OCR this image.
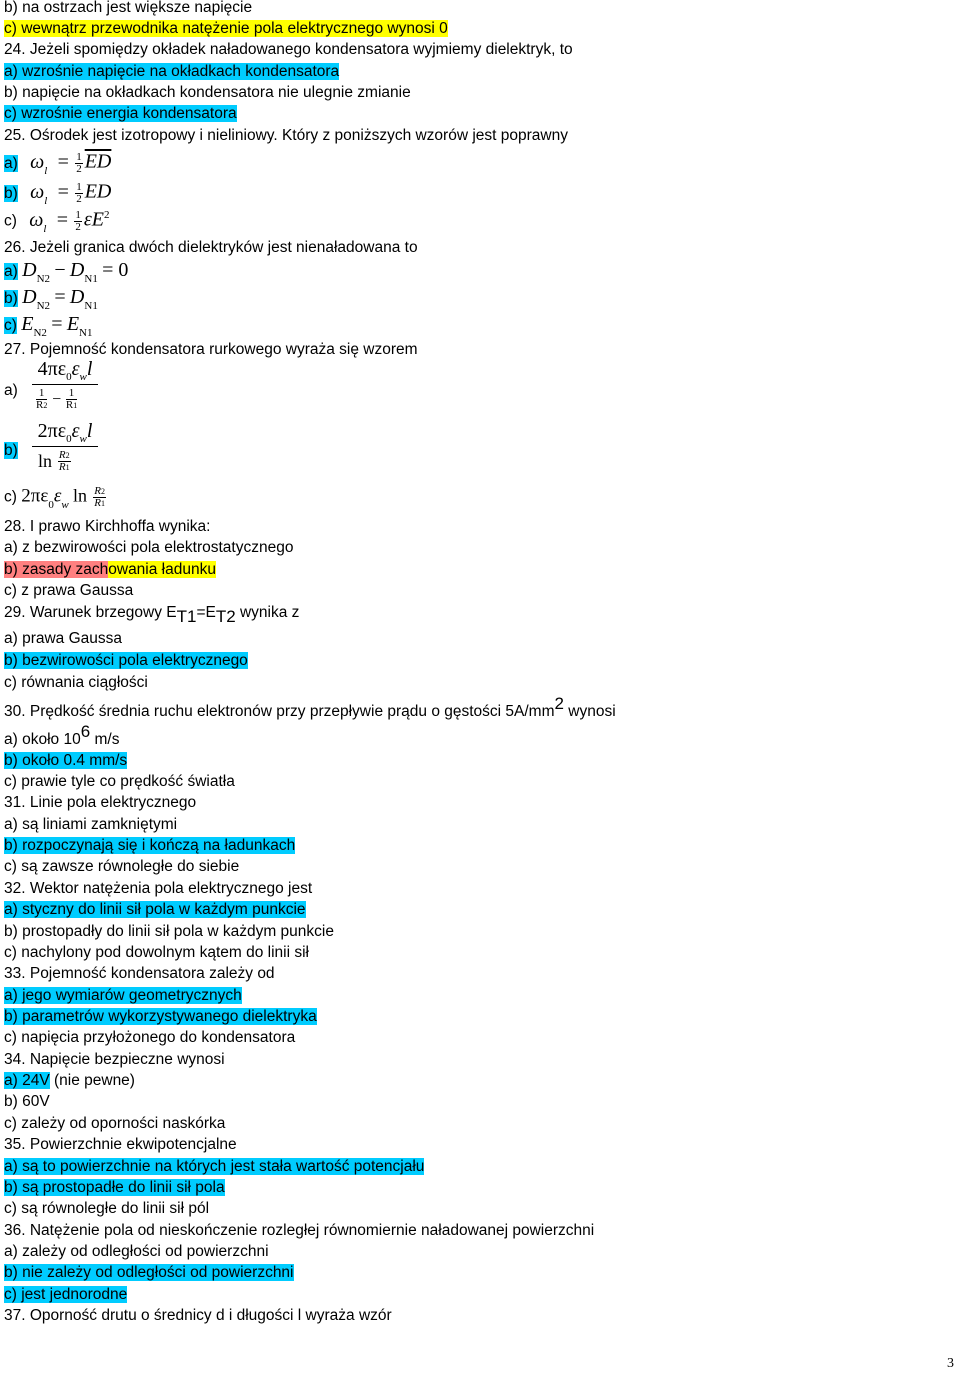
b) na ostrzach jest większe napięcie
c) wewnątrz przewodnika natężenie pola elektrycznego wynosi 0
24. Jeżeli spomiędzy okładek naładowanego kondensatora wyjmiemy dielektryk, to
a) wzrośnie napięcie na okładkach kondensatora
b) napięcie na okładkach kondensatora nie ulegnie zmianie
c) wzrośnie energia kondensatora
25. Ośrodek jest izotropowy i nieliniowy. Który z poniższych wzorów jest poprawny
a) $\omega_l = \frac{1}{2} \overline{ED}$
b) $\omega_l = \frac{1}{2}$ ED
c) $\omega_l = \frac{1}{2} \varepsilon E^2$
26. Jeżeli granica dwóch dielektryków jest nienaładowana to
a) $D_{N2} - D_{N1} = 0$
b) $D_{N2} = D_{N1}$
c) $E_{N2} = E_{N1}$
27. Pojemność kondensatora rurkowego wyraża się wzorem
a)
$4\pi\varepsilon_0\varepsilon_wl$
$\frac{1}{R2} - \frac{1}{R1}$
b)
$2\pi\varepsilon_0\varepsilon_wl$
$\ln \frac{R2}{R1}$
c) $2\pi\varepsilon_0\varepsilon_w$ $\ln \frac{R2}{R1}$
28. I prawo Kirchhoffa wynika:
a) z bezwirowości pola elektrostatycznego
b) zasady zachowania ładunku
c) z prawa Gaussa
29. Warunek brzegowy ET1=ET2 wynika z
a) prawa Gaussa
b) bezwirowości pola elektrycznego
c) równania ciągłości
30. Prędkość średnia ruchu elektronów przy przepływie prądu o gęstości 5A/mm2 wynosi
a) około 106 m/s
b) około 0.4 mm/s
c) prawie tyle co prędkość światła
31. Linie pola elektrycznego
a) są liniami zamkniętymi
b) rozpoczynają się i kończą na ładunkach
c) są zawsze równoległe do siebie
32. Wektor natężenia pola elektrycznego jest
a) styczny do linii sił pola w każdym punkcie
b) prostopadły do linii sił pola w każdym punkcie
c) nachylony pod dowolnym kątem do linii sił
33. Pojemność kondensatora zależy od
a) jego wymiarów geometrycznych
b) parametrów wykorzystywanego dielektryka
c) napięcia przyłożonego do kondensatora
34. Napięcie bezpieczne wynosi
a) 24V (nie pewne)
b) 60V
c) zależy od oporności naskórka
35. Powierzchnie ekwipotencjalne
a) są to powierzchnie na których jest stała wartość potencjału
b) są prostopadłe do linii sił pola
c) są równoległe do linii sił pól
36. Natężenie pola od nieskończenie rozległej równomiernie naładowanej powierzchni
a) zależy od odległości od powierzchni
b) nie zależy od odległości od powierzchni
c) jest jednorodne
37. Oporność drutu o średnicy d i długości l wyraża wzór
3
